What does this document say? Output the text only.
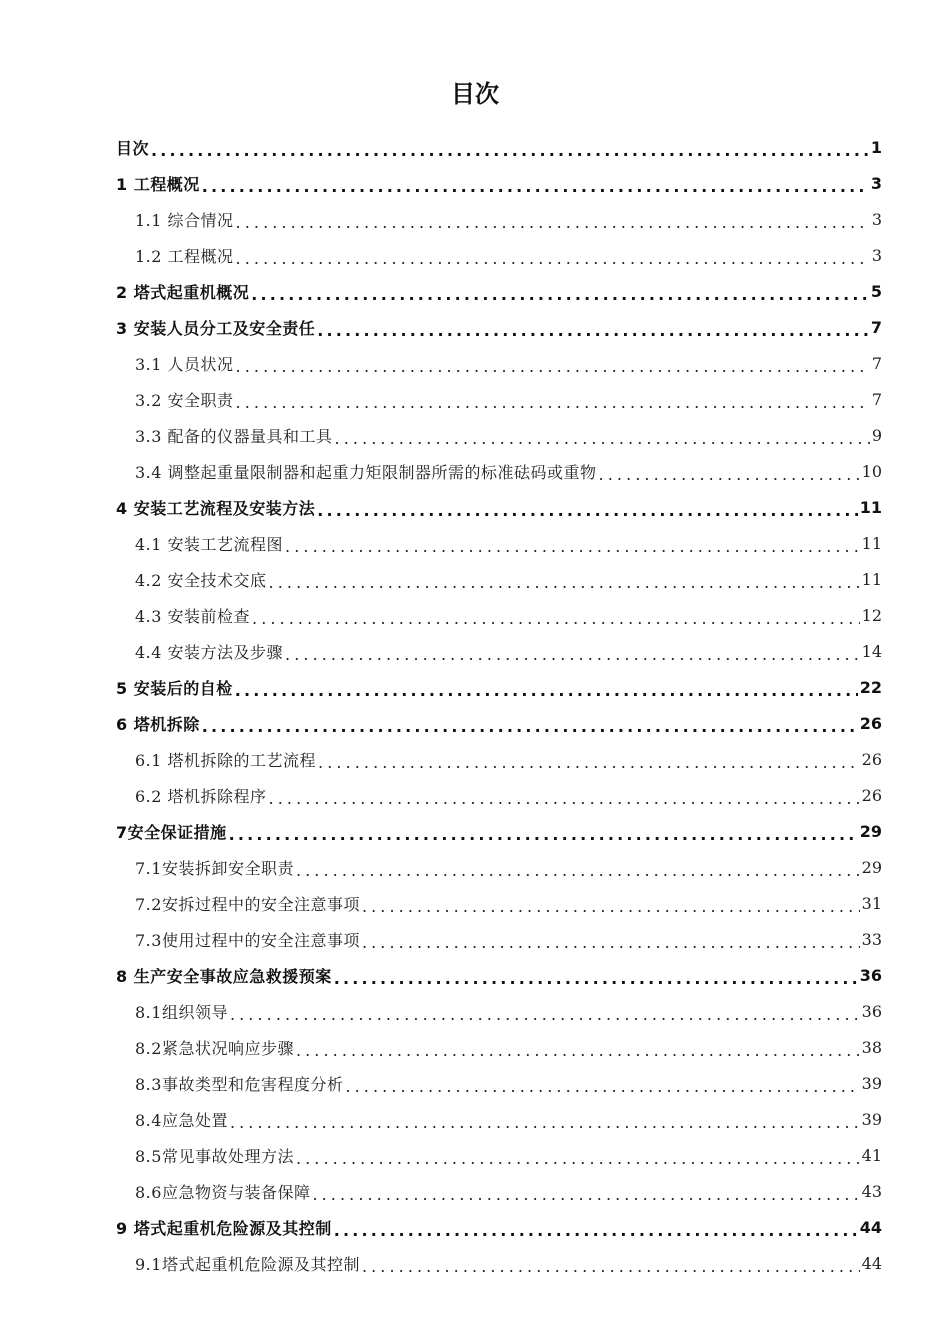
目次
目次 . . .	1
1 工程概况 . . .	3
1.1 综合情况 . . .	3
1.2 工程概况 . . .	3
2 塔式起重机概况 . . .	5
3 安装人员分工及安全责任 . . .	7
3.1 人员状况 . . .	7
3.2 安全职责 . . .	7
3.3 配备的仪器量具和工具 . . .	9
3.4 调整起重量限制器和起重力矩限制器所需的标准砝码或重物 . . .	10
4 安装工艺流程及安装方法 . . .	11
4.1 安装工艺流程图 . . .	11
4.2 安全技术交底 . . .	11
4.3 安装前检查 . . .	12
4.4 安装方法及步骤 . . .	14
5 安装后的自检 . . .	22
6 塔机拆除 . . .	26
6.1 塔机拆除的工艺流程 . . .	26
6.2 塔机拆除程序 . . .	26
7安全保证措施 . . .	29
7.1安装拆卸安全职责 . . .	29
7.2安拆过程中的安全注意事项 . . .	31
7.3使用过程中的安全注意事项 . . .	33
8 生产安全事故应急救援预案 . . .	36
8.1组织领导 . . .	36
8.2紧急状况响应步骤 . . .	38
8.3事故类型和危害程度分析 . . .	39
8.4应急处置 . . .	39
8.5常见事故处理方法 . . .	41
8.6应急物资与装备保障 . . .	43
9 塔式起重机危险源及其控制 . . .	44
9.1塔式起重机危险源及其控制 . . .	44
